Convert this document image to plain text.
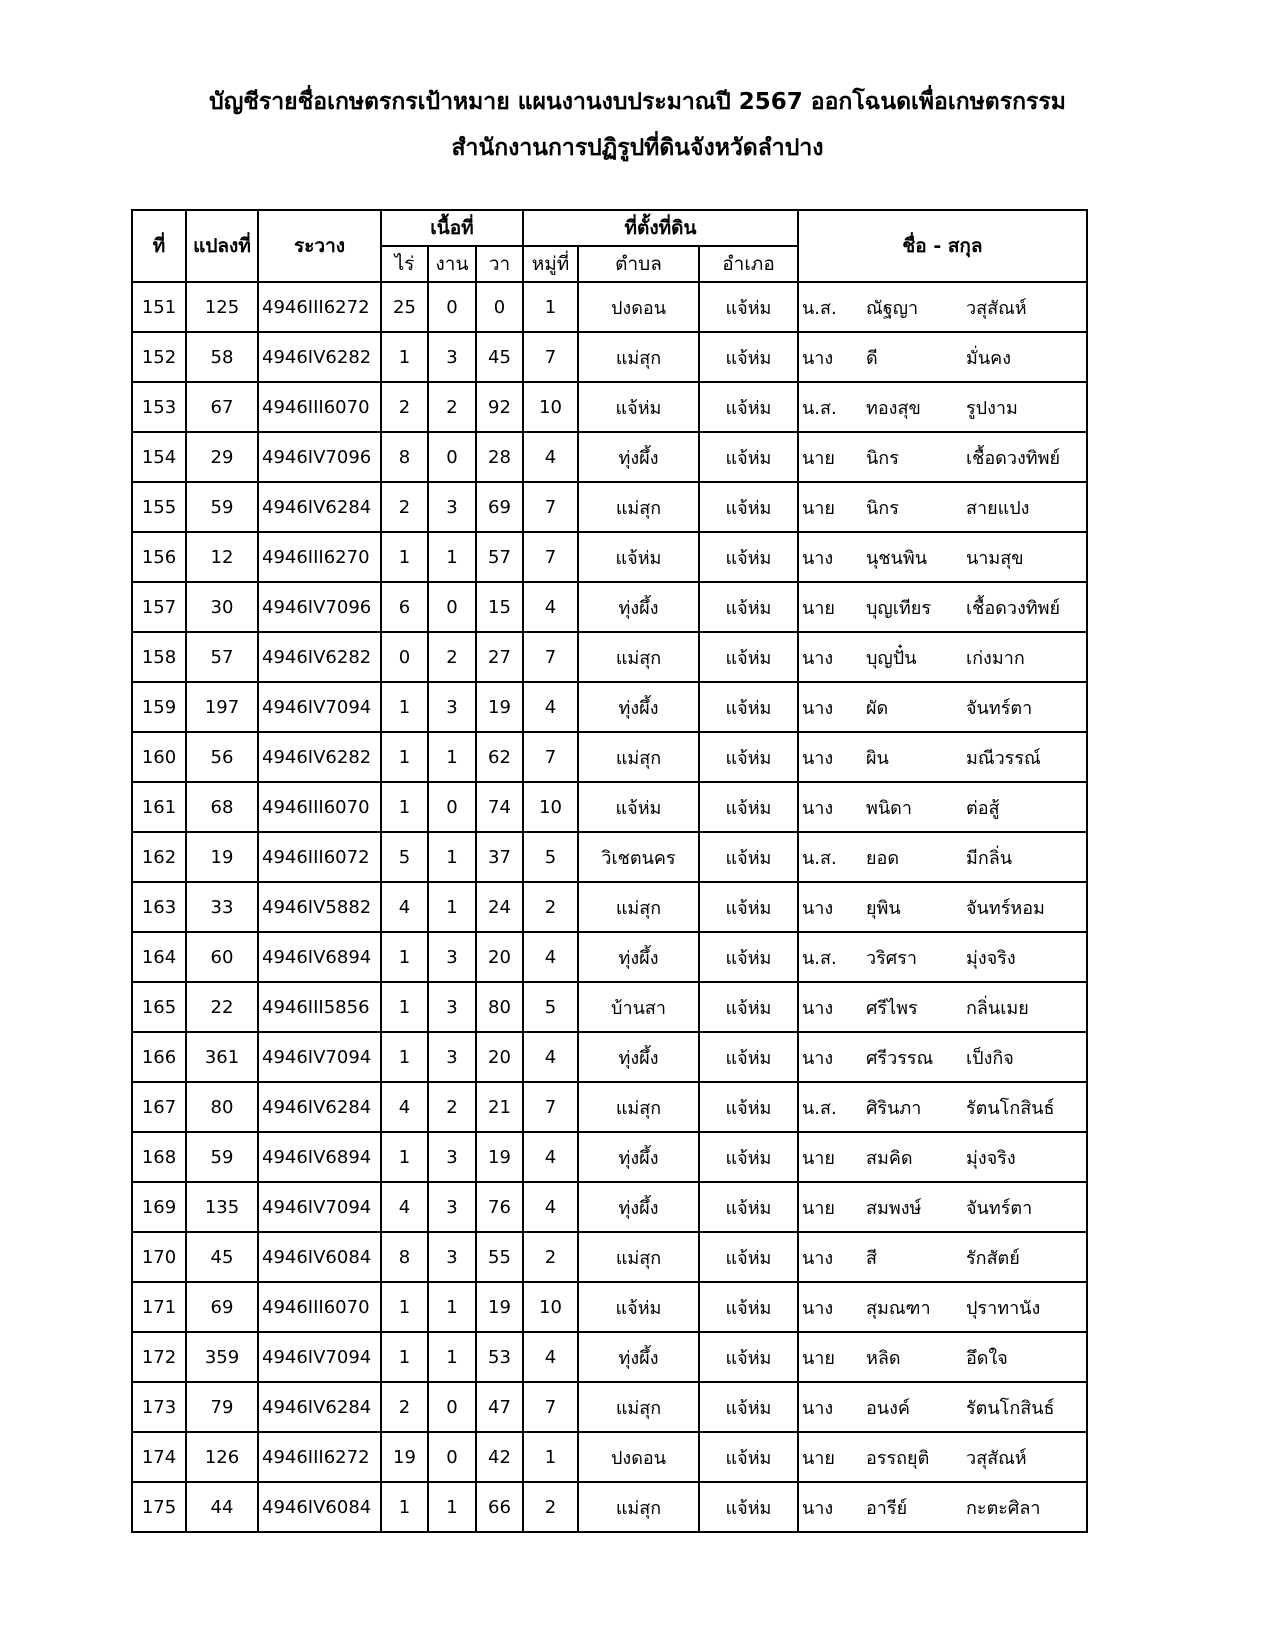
บัญชีรายชื่อเกษตรกรเป้าหมาย แผนงานงบประมาณปี 2567 ออกโฉนดเพื่อเกษตรกรรม
สำนักงานการปฏิรูปที่ดินจังหวัดลำปาง
ที่	แปลงที่	ระวาง	เนื้อที่			ที่ตั้งที่ดิน			ชื่อ - สกุล
			ไร่	งาน	วา	หมู่ที่	ตำบล	อำเภอ	
151	125	4946III6272	25	0	0	1	ปงดอน	แจ้ห่ม	น.ส. ณัฐญา วสุสัณห์

152	58	4946IV6282	1	3	45	7	แม่สุก	แจ้ห่ม	นาง ดี มั่นคง

153	67	4946III6070	2	2	92	10	แจ้ห่ม	แจ้ห่ม	น.ส. ทองสุข รูปงาม

154	29	4946IV7096	8	0	28	4	ทุ่งผึ้ง	แจ้ห่ม	นาย นิกร เชื้อดวงทิพย์

155	59	4946IV6284	2	3	69	7	แม่สุก	แจ้ห่ม	นาย นิกร สายแปง

156	12	4946III6270	1	1	57	7	แจ้ห่ม	แจ้ห่ม	นาง นุชนพิน นามสุข

157	30	4946IV7096	6	0	15	4	ทุ่งผึ้ง	แจ้ห่ม	นาย บุญเทียร เชื้อดวงทิพย์

158	57	4946IV6282	0	2	27	7	แม่สุก	แจ้ห่ม	นาง บุญปั๋น เก่งมาก

159	197	4946IV7094	1	3	19	4	ทุ่งผึ้ง	แจ้ห่ม	นาง ผัด จันทร์ตา

160	56	4946IV6282	1	1	62	7	แม่สุก	แจ้ห่ม	นาง ผิน มณีวรรณ์

161	68	4946III6070	1	0	74	10	แจ้ห่ม	แจ้ห่ม	นาง พนิดา ต่อสู้

162	19	4946III6072	5	1	37	5	วิเชตนคร	แจ้ห่ม	น.ส. ยอด มีกลิ่น

163	33	4946IV5882	4	1	24	2	แม่สุก	แจ้ห่ม	นาง ยุพิน จันทร์หอม

164	60	4946IV6894	1	3	20	4	ทุ่งผึ้ง	แจ้ห่ม	น.ส. วริศรา มุ่งจริง

165	22	4946III5856	1	3	80	5	บ้านสา	แจ้ห่ม	นาง ศรีไพร กลิ่นเมย

166	361	4946IV7094	1	3	20	4	ทุ่งผึ้ง	แจ้ห่ม	นาง ศรีวรรณ เป็งกิจ

167	80	4946IV6284	4	2	21	7	แม่สุก	แจ้ห่ม	น.ส. ศิรินภา รัตนโกสินธ์

168	59	4946IV6894	1	3	19	4	ทุ่งผึ้ง	แจ้ห่ม	นาย สมคิด มุ่งจริง

169	135	4946IV7094	4	3	76	4	ทุ่งผึ้ง	แจ้ห่ม	นาย สมพงษ์ จันทร์ตา

170	45	4946IV6084	8	3	55	2	แม่สุก	แจ้ห่ม	นาง สี รักสัตย์

171	69	4946III6070	1	1	19	10	แจ้ห่ม	แจ้ห่ม	นาง สุมณฑา ปุราทานัง

172	359	4946IV7094	1	1	53	4	ทุ่งผึ้ง	แจ้ห่ม	นาย หลิด อึดใจ

173	79	4946IV6284	2	0	47	7	แม่สุก	แจ้ห่ม	นาง อนงค์ รัตนโกสินธ์

174	126	4946III6272	19	0	42	1	ปงดอน	แจ้ห่ม	นาย อรรถยุติ วสุสัณห์

175	44	4946IV6084	1	1	66	2	แม่สุก	แจ้ห่ม	นาง อารีย์ กะตะศิลา
